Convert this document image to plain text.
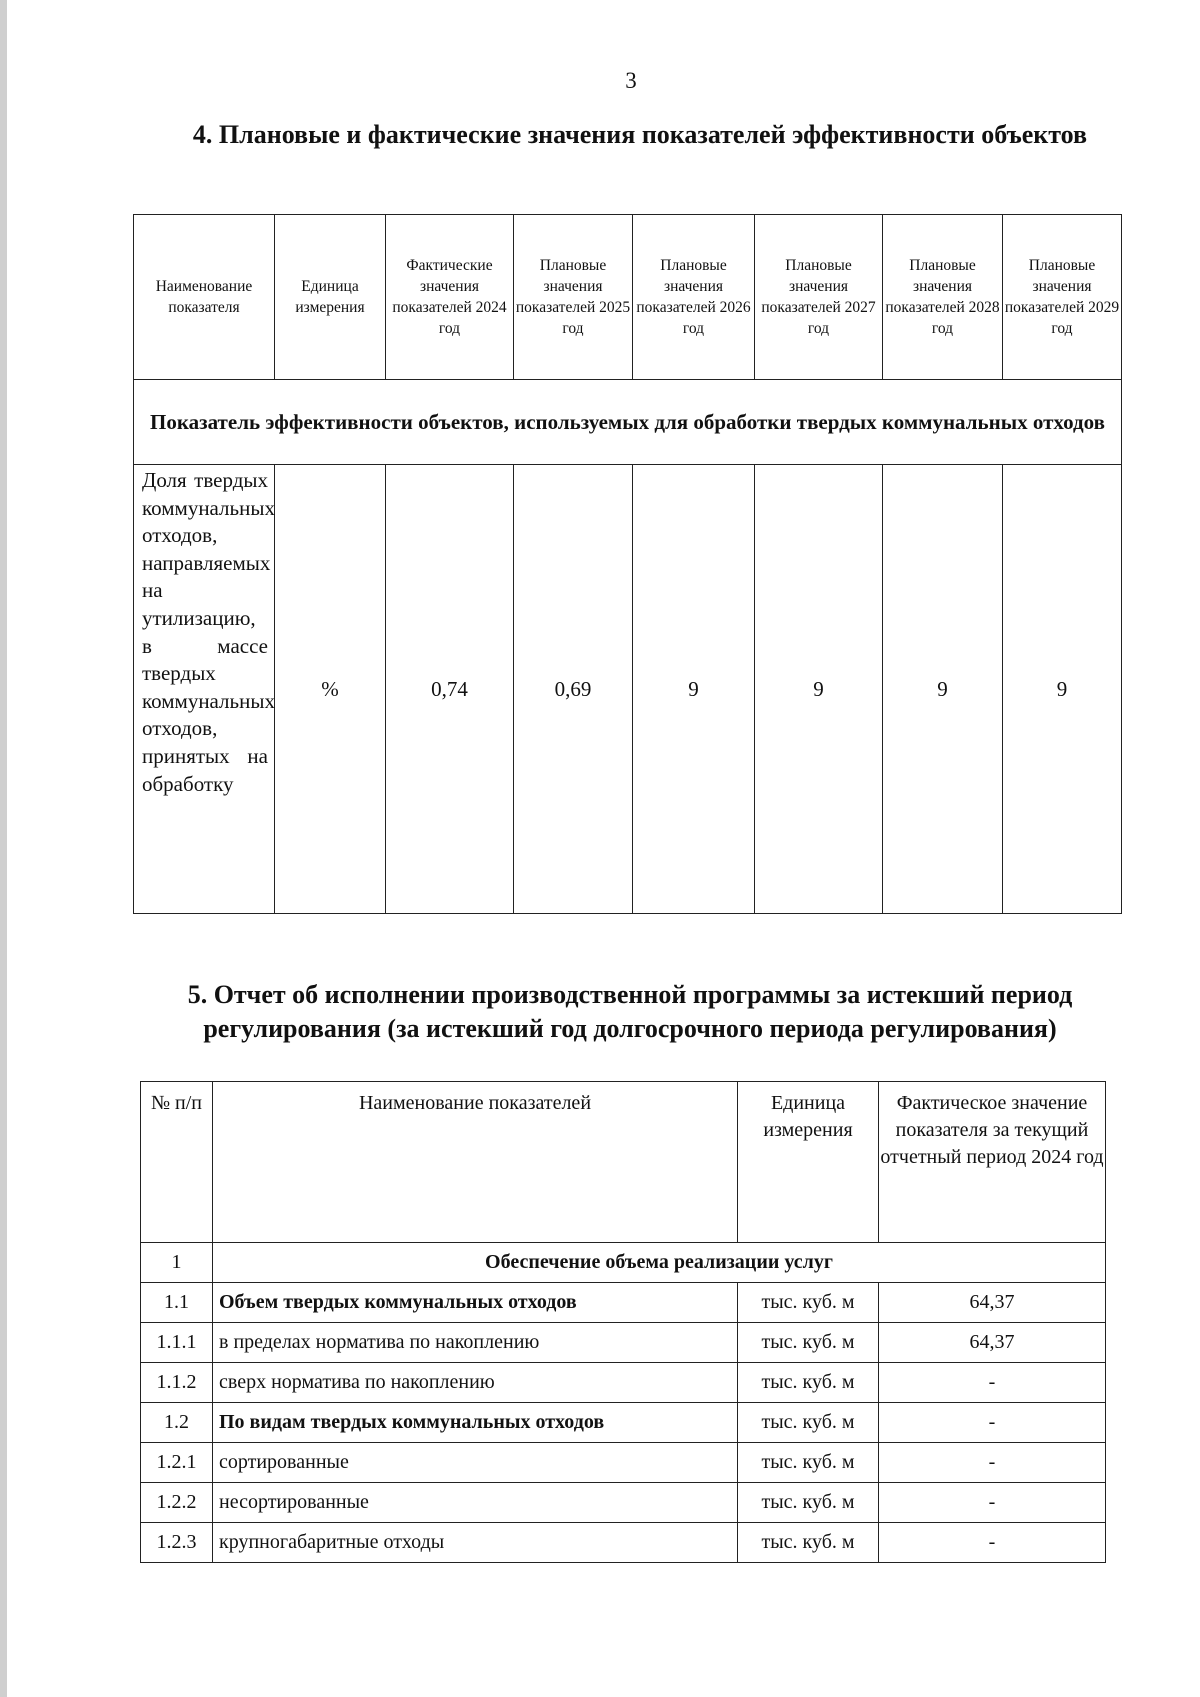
3
4. Плановые и фактические значения показателей эффективности объектов
Наименование показателя	Единица измерения	Фактические значения показателей 2024 год	Плановые значения показателей 2025 год	Плановые значения показателей 2026 год	Плановые значения показателей 2027 год	Плановые значения показателей 2028 год	Плановые значения показателей 2029 год
Показатель эффективности объектов, используемых для обработки твердых коммунальных отходов							
Доля твердых коммунальных отходов, направляемых на утилизацию, в массе твердых коммунальных отходов, принятых на обработку	%	0,74	0,69	9	9	9	9
5. Отчет об исполнении производственной программы за истекший период регулирования (за истекший год долгосрочного периода регулирования)
№ п/п	Наименование показателей	Единица измерения	Фактическое значение показателя за текущий отчетный период 2024 год
1	Обеспечение объема реализации услуг		
1.1	Объем твердых коммунальных отходов	тыс. куб. м	64,37
1.1.1	в пределах норматива по накоплению	тыс. куб. м	64,37
1.1.2	сверх норматива по накоплению	тыс. куб. м	-
1.2	По видам твердых коммунальных отходов	тыс. куб. м	-
1.2.1	сортированные	тыс. куб. м	-
1.2.2	несортированные	тыс. куб. м	-
1.2.3	крупногабаритные отходы	тыс. куб. м	-
